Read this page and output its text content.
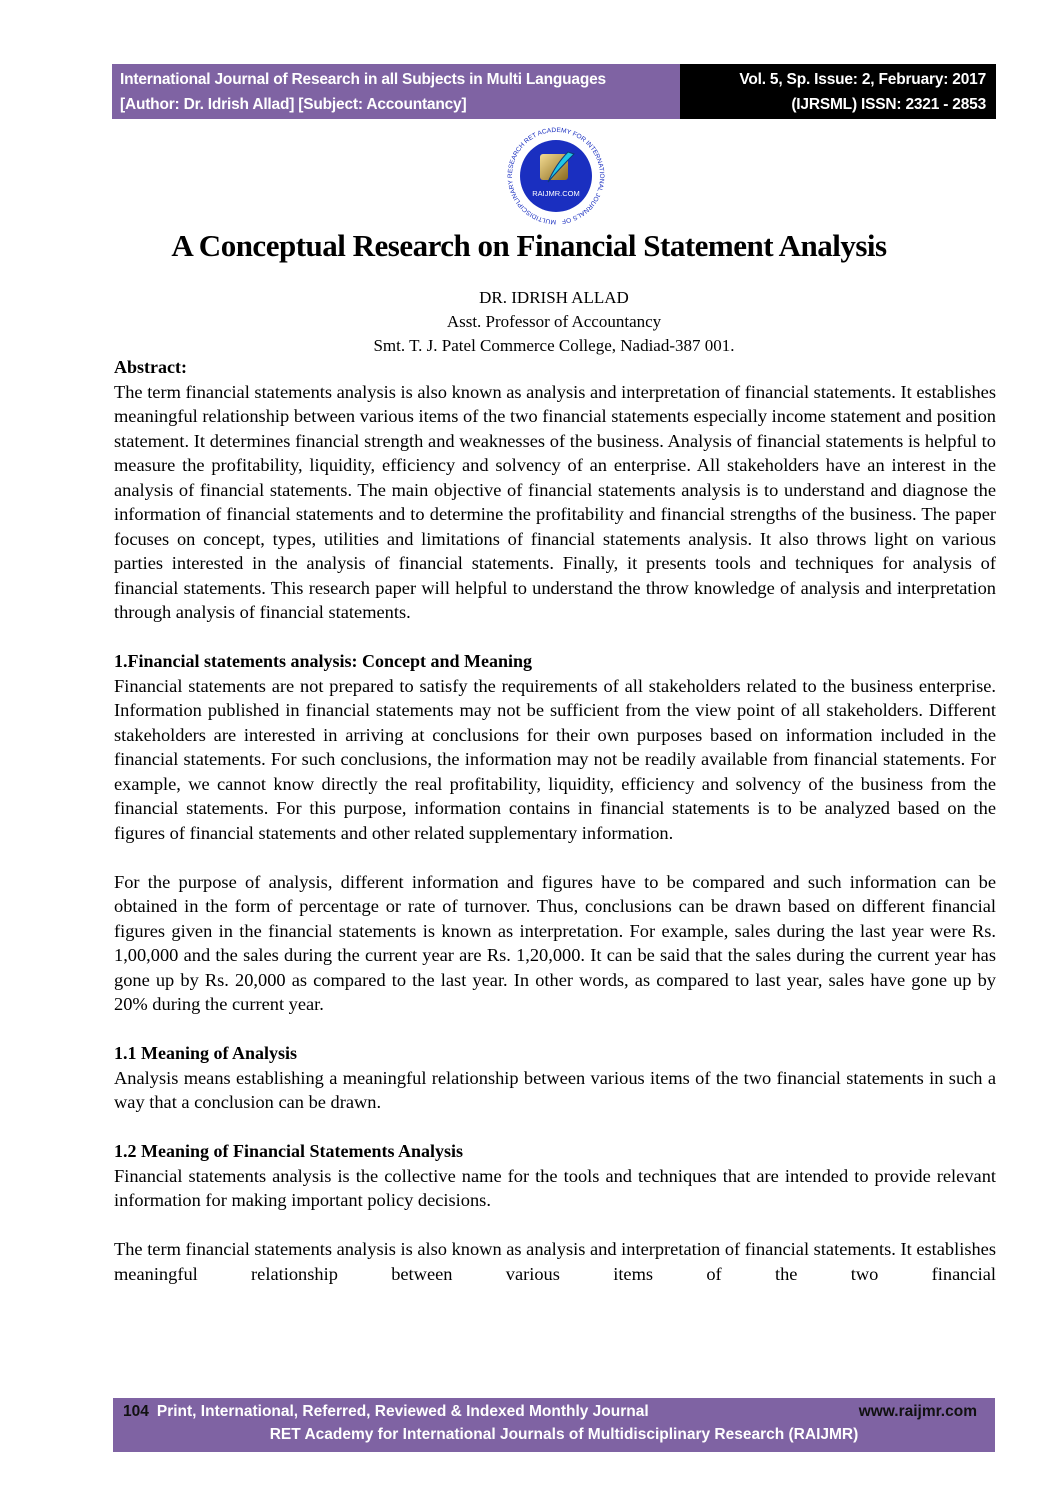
International Journal of Research in all Subjects in Multi Languages
[Author: Dr. Idrish Allad] [Subject: Accountancy]
Vol. 5, Sp. Issue: 2, February: 2017
(IJRSML) ISSN: 2321 - 2853
MULTIDISCIPLINARY RESEARCH RET ACADEMY FOR INTERNATIONAL JOURNALS OF
RAIJMR.COM
A Conceptual Research on Financial Statement Analysis
DR. IDRISH ALLAD
Asst. Professor of Accountancy
Smt. T. J. Patel Commerce College, Nadiad-387 001.
Abstract:

The term financial statements analysis is also known as analysis and interpretation of financial statements. It establishes meaningful relationship between various items of the two financial statements especially income statement and position statement. It determines financial strength and weaknesses of the business. Analysis of financial statements is helpful to measure the profitability, liquidity, efficiency and solvency of an enterprise. All stakeholders have an interest in the analysis of financial statements. The main objective of financial statements analysis is to understand and diagnose the information of financial statements and to determine the profitability and financial strengths of the business. The paper focuses on concept, types, utilities and limitations of financial statements analysis. It also throws light on various parties interested in the analysis of financial statements. Finally, it presents tools and techniques for analysis of financial statements. This research paper will helpful to understand the throw knowledge of analysis and interpretation through analysis of financial statements.

1.Financial statements analysis: Concept and Meaning

Financial statements are not prepared to satisfy the requirements of all stakeholders related to the business enterprise. Information published in financial statements may not be sufficient from the view point of all stakeholders. Different stakeholders are interested in arriving at conclusions for their own purposes based on information included in the financial statements. For such conclusions, the information may not be readily available from financial statements. For example, we cannot know directly the real profitability, liquidity, efficiency and solvency of the business from the financial statements. For this purpose, information contains in financial statements is to be analyzed based on the figures of financial statements and other related supplementary information.

For the purpose of analysis, different information and figures have to be compared and such information can be obtained in the form of percentage or rate of turnover. Thus, conclusions can be drawn based on different financial figures given in the financial statements is known as interpretation. For example, sales during the last year were Rs. 1,00,000 and the sales during the current year are Rs. 1,20,000. It can be said that the sales during the current year has gone up by Rs. 20,000 as compared to the last year. In other words, as compared to last year, sales have gone up by 20% during the current year.

1.1 Meaning of Analysis

Analysis means establishing a meaningful relationship between various items of the two financial statements in such a way that a conclusion can be drawn.

1.2 Meaning of Financial Statements Analysis

Financial statements analysis is the collective name for the tools and techniques that are intended to provide relevant information for making important policy decisions.

The term financial statements analysis is also known as analysis and interpretation of financial statements. It establishes meaningful relationship between various items of the two financial

104 Print, International, Referred, Reviewed & Indexed Monthly Journal	www.raijmr.com
RET Academy for International Journals of Multidisciplinary Research (RAIJMR)
